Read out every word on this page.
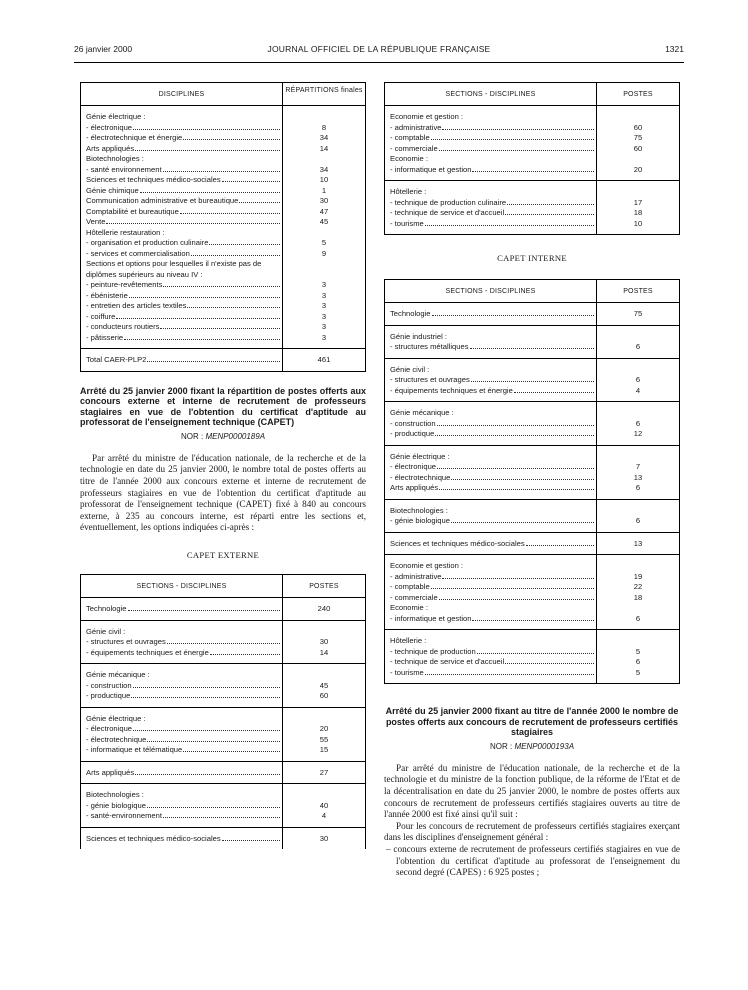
26 janvier 2000	JOURNAL OFFICIEL DE LA RÉPUBLIQUE FRANÇAISE	1321
DISCIPLINES	RÉPARTITIONS finales

Génie électrique :	

- électronique	8

- électrotechnique et énergie	34

Arts appliqués	14

Biotechnologies :	

- santé environnement	34

Sciences et techniques médico-sociales	10

Génie chimique	1

Communication administrative et bureautique	30

Comptabilité et bureautique	47

Vente	45

Hôtellerie restauration :	

- organisation et production culinaire	5

- services et commercialisation	9

Sections et options pour lesquelles il n'existe pas de	

diplômes supérieurs au niveau IV :	

- peinture-revêtements	3

- ébénisterie	3

- entretien des articles textiles	3

- coiffure	3

- conducteurs routiers	3

- pâtisserie	3

Total CAER-PLP2	461

Arrêté du 25 janvier 2000 fixant la répartition de postes offerts aux concours externe et interne de recrutement de professeurs stagiaires en vue de l'obtention du certificat d'aptitude au professorat de l'enseignement technique (CAPET)

NOR : MENP0000189A

Par arrêté du ministre de l'éducation nationale, de la recherche et de la technologie en date du 25 janvier 2000, le nombre total de postes offerts au titre de l'année 2000 aux concours externe et interne de recrutement de professeurs stagiaires en vue de l'obtention du certificat d'aptitude au professorat de l'enseignement technique (CAPET) fixé à 840 au concours externe, à 235 au concours interne, est réparti entre les sections et, éventuellement, les options indiquées ci-après :

CAPET EXTERNE
SECTIONS - DISCIPLINES	POSTES

Technologie	240

Génie civil :	

- structures et ouvrages	30

- équipements techniques et énergie	14

Génie mécanique :	

- construction	45

- productique	60

Génie électrique :	

- électronique	20

- électrotechnique	55

- informatique et télématique	15

Arts appliqués	27

Biotechnologies :	

- génie biologique	40

- santé-environnement	4

Sciences et techniques médico-sociales	30
SECTIONS - DISCIPLINES	POSTES

Economie et gestion :	

- administrative	60

- comptable	75

- commerciale	60

Economie :	

- informatique et gestion	20

Hôtellerie :	

- technique de production culinaire	17

- technique de service et d'accueil	18

- tourisme	10
CAPET INTERNE
SECTIONS - DISCIPLINES	POSTES

Technologie	75

Génie industriel :	

- structures métalliques	6

Génie civil :	

- structures et ouvrages	6

- équipements techniques et énergie	4

Génie mécanique :	

- construction	6

- productique	12

Génie électrique :	

- électronique	7

- électrotechnique	13

Arts appliqués	6

Biotechnologies :	

- génie biologique	6

Sciences et techniques médico-sociales	13

Economie et gestion :	

- administrative	19

- comptable	22

- commerciale	18

Economie :	

- informatique et gestion	6

Hôtellerie :	

- technique de production	5

- technique de service et d'accueil	6

- tourisme	5

Arrêté du 25 janvier 2000 fixant au titre de l'année 2000 le nombre de postes offerts aux concours de recrutement de professeurs certifiés stagiaires

NOR : MENP0000193A

Par arrêté du ministre de l'éducation nationale, de la recherche et de la technologie et du ministre de la fonction publique, de la réforme de l'Etat et de la décentralisation en date du 25 janvier 2000, le nombre de postes offerts aux concours de recrutement de professeurs certifiés stagiaires ouverts au titre de l'année 2000 est fixé ainsi qu'il suit :

Pour les concours de recrutement de professeurs certifiés stagiaires exerçant dans les disciplines d'enseignement général :

– concours externe de recrutement de professeurs certifiés stagiaires en vue de l'obtention du certificat d'aptitude au professorat de l'enseignement du second degré (CAPES) : 6 925 postes ;
